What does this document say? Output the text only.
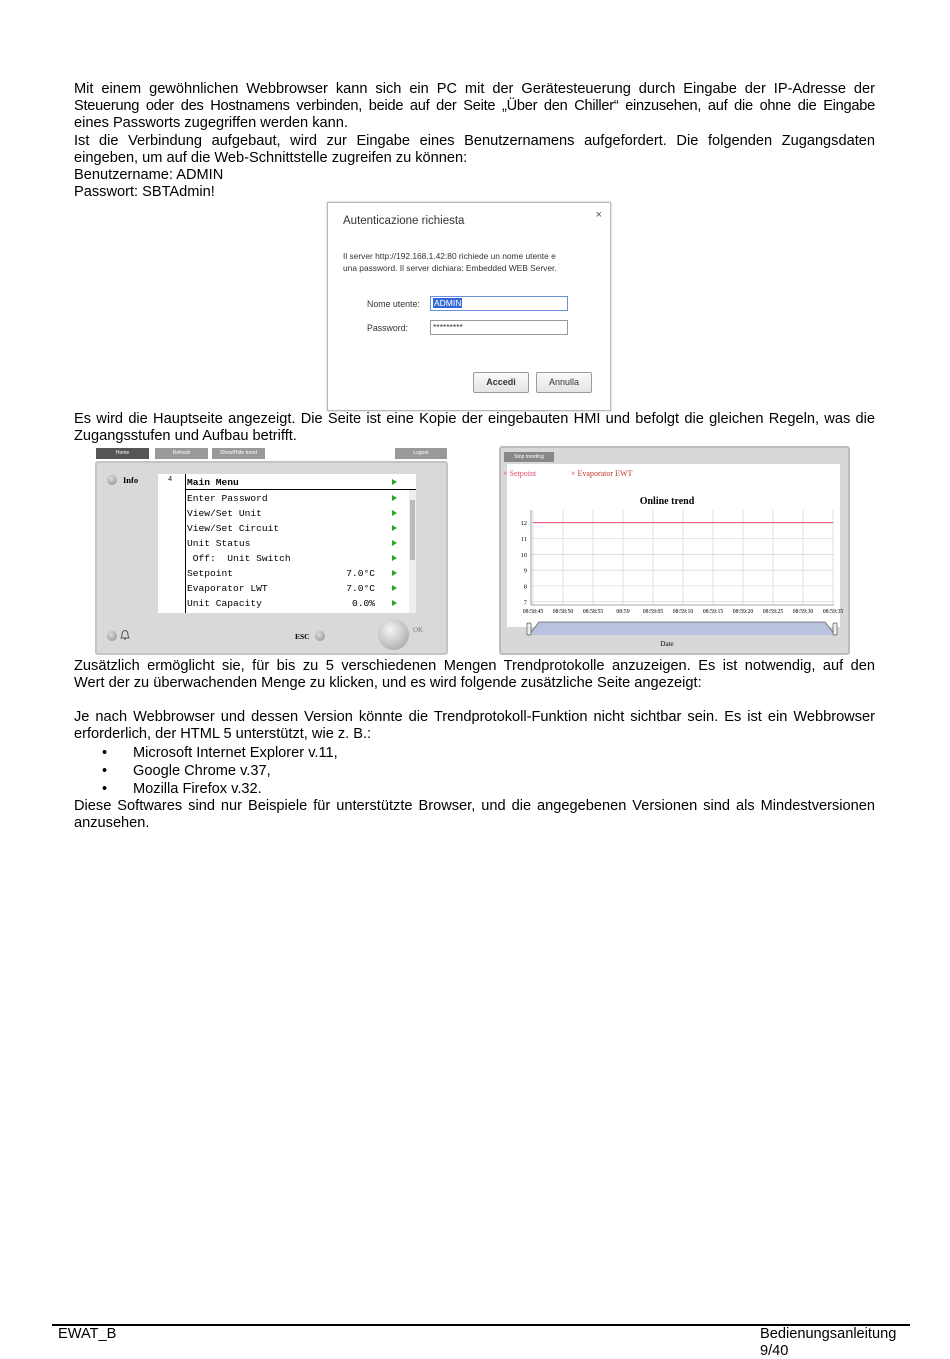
Mit einem gewöhnlichen Webbrowser kann sich ein PC mit der Gerätesteuerung durch Eingabe der IP-Adresse der
Steuerung oder des Hostnamens verbinden, beide auf der Seite „Über den Chiller“ einzusehen, auf die ohne die Eingabe
eines Passworts zugegriffen werden kann.
Ist die Verbindung aufgebaut, wird zur Eingabe eines Benutzernamens aufgefordert. Die folgenden Zugangsdaten
eingeben, um auf die Web-Schnittstelle zugreifen zu können:
Benutzername: ADMIN
Passwort: SBTAdmin!
Autenticazione richiesta	×
Il server http://192.168.1.42:80 richiede un nome utente e
una password. Il server dichiara: Embedded WEB Server.
Nome utente:	ADMIN
Password:	*********
Accedi	Annulla
Es wird die Hauptseite angezeigt. Die Seite ist eine Kopie der eingebauten HMI und befolgt die gleichen Regeln, was die
Zugangsstufen und Aufbau betrifft.
Home	Refresh	Show/Hide trend	Logout
Info	4 Main Menu
Enter Password
View/Set Unit
View/Set Circuit
Unit Status
Off:  Unit Switch
Setpoint	7.0°C
Evaporator LWT	7.0°C
Unit Capacity	0.0%
ESC
OK
Stop trending
× Setpoint	× Evaporator EWT
Online trend
Date
7
8
9
10
11
12
08:58:45 08:58:50 08:58:55 08:59 08:59:05 08:59:10 08:59:15 08:59:20 08:59:25 08:59:30 08:59:35
Zusätzlich ermöglicht sie, für bis zu 5 verschiedenen Mengen Trendprotokolle anzuzeigen. Es ist notwendig, auf den
Wert der zu überwachenden Menge zu klicken, und es wird folgende zusätzliche Seite angezeigt:
Je nach Webbrowser und dessen Version könnte die Trendprotokoll-Funktion nicht sichtbar sein. Es ist ein Webbrowser
erforderlich, der HTML 5 unterstützt, wie z. B.:
• Microsoft Internet Explorer v.11,
• Google Chrome v.37,
• Mozilla Firefox v.32.
Diese Softwares sind nur Beispiele für unterstützte Browser, und die angegebenen Versionen sind als Mindestversionen
anzusehen.
EWAT_B	Bedienungsanleitung
9/40
